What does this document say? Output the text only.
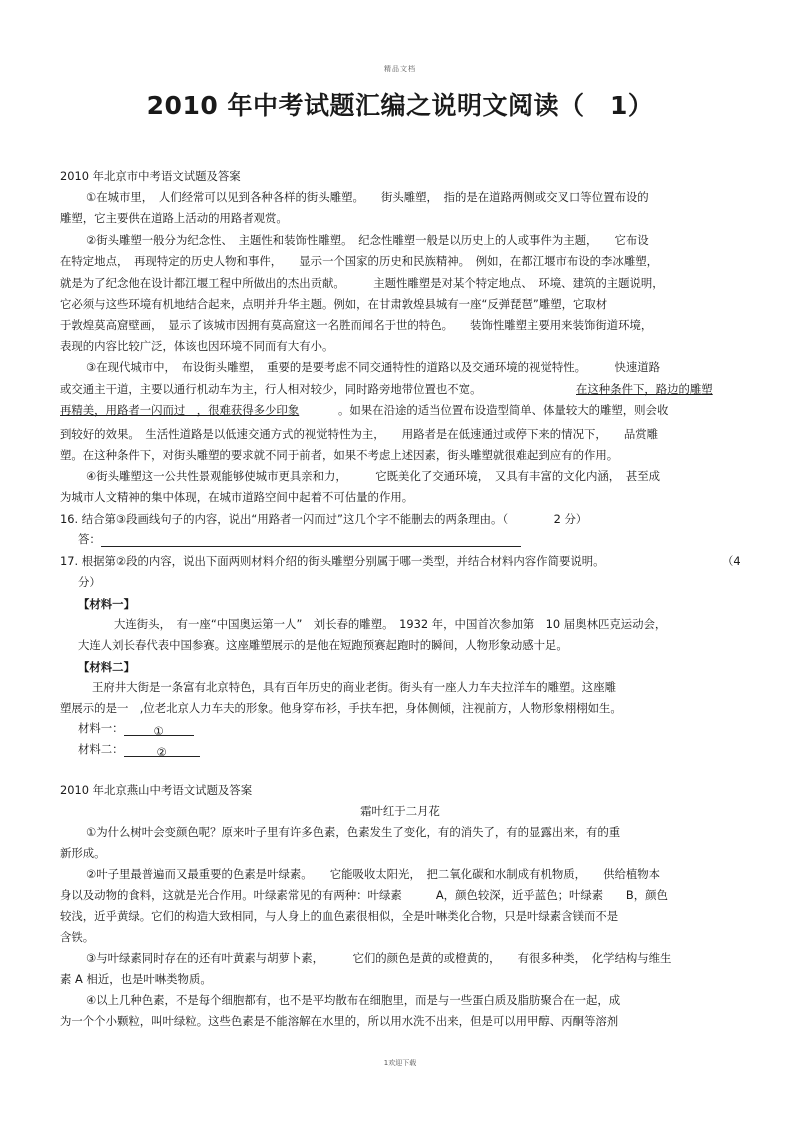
精品文档
2010 年中考试题汇编之说明文阅读（　1）
2010 年北京市中考语文试题及答案
①在城市里，　人们经常可以见到各种各样的街头雕塑。　　街头雕塑，　指的是在道路两侧或交叉口等位置布设的
雕塑，它主要供在道路上活动的用路者观赏。
②街头雕塑一般分为纪念性、　主题性和装饰性雕塑。　纪念性雕塑一般是以历史上的人或事件为主题，　　它布设
在特定地点，　再现特定的历史人物和事件，　　显示一个国家的历史和民族精神。　例如，在都江堰市布设的李冰雕塑，
就是为了纪念他在设计都江堰工程中所做出的杰出贡献。　　　主题性雕塑是对某个特定地点、　环境、建筑的主题说明，
它必须与这些环境有机地结合起来，点明并升华主题。例如，在甘肃敦煌县城有一座“反弹琵琶”雕塑，它取材
于敦煌莫高窟壁画，　显示了该城市因拥有莫高窟这一名胜而闻名于世的特色。　　装饰性雕塑主要用来装饰街道环境，
表现的内容比较广泛，体该也因环境不同而有大有小。
③在现代城市中，　布设街头雕塑，　重要的是要考虑不同交通特性的道路以及交通环境的视觉特性。　　　快速道路
或交通主干道，主要以通行机动车为主，行人相对较少，同时路旁地带位置也不宽。	在这种条件下，路边的雕塑
再精美，用路者一闪而过　，很难获得多少印象	。如果在沿途的适当位置布设造型简单、体量较大的雕塑，则会收
到较好的效果。　生活性道路是以低速交通方式的视觉特性为主，　　用路者是在低速通过或停下来的情况下，　　品赏雕
塑。在这种条件下，对街头雕塑的要求就不同于前者，如果不考虑上述因素，街头雕塑就很难起到应有的作用。
④街头雕塑这一公共性景观能够使城市更具亲和力，　　　它既美化了交通环境，　又具有丰富的文化内涵，　甚至成
为城市人文精神的集中体现，在城市道路空间中起着不可估量的作用。
16. 结合第③段画线句子的内容，说出“用路者一闪而过”这几个字不能删去的两条理由。（　　　　2 分）
答：
17. 根据第②段的内容，说出下面两则材料介绍的街头雕塑分别属于哪一类型，并结合材料内容作简要说明。	（4
分）
【材料一】
大连街头，　有一座“中国奥运第一人”　刘长春的雕塑。　1932 年，中国首次参加第　10 届奥林匹克运动会，
大连人刘长春代表中国参赛。这座雕塑展示的是他在短跑预赛起跑时的瞬间，人物形象动感十足。
【材料二】
王府井大街是一条富有北京特色，具有百年历史的商业老街。街头有一座人力车夫拉洋车的雕塑。这座雕
塑展示的是一　,位老北京人力车夫的形象。他身穿布衫，手扶车把，身体侧倾，注视前方，人物形象栩栩如生。
材料一：	①
材料二：	②
2010 年北京燕山中考语文试题及答案
霜叶红于二月花
①为什么树叶会变颜色呢？原来叶子里有许多色素，色素发生了变化，有的消失了，有的显露出来，有的重
新形成。
②叶子里最普遍而又最重要的色素是叶绿素。　　它能吸收太阳光，　把二氧化碳和水制成有机物质，　　供给植物本
身以及动物的食料，这就是光合作用。叶绿素常见的有两种：叶绿素　　　A，颜色较深，近乎蓝色；叶绿素　　B，颜色
较浅，近乎黄绿。它们的构造大致相同，与人身上的血色素很相似，全是叶啉类化合物，只是叶绿素含镁而不是
含铁。
③与叶绿素同时存在的还有叶黄素与胡萝卜素，　　　它们的颜色是黄的或橙黄的，　　有很多种类，　化学结构与维生
素 A 相近，也是叶啉类物质。
④以上几种色素，不是每个细胞都有，也不是平均散布在细胞里，而是与一些蛋白质及脂肪聚合在一起，成
为一个个小颗粒，叫叶绿粒。这些色素是不能溶解在水里的，所以用水洗不出来，但是可以用甲醇、丙酮等溶剂
1欢迎下载
